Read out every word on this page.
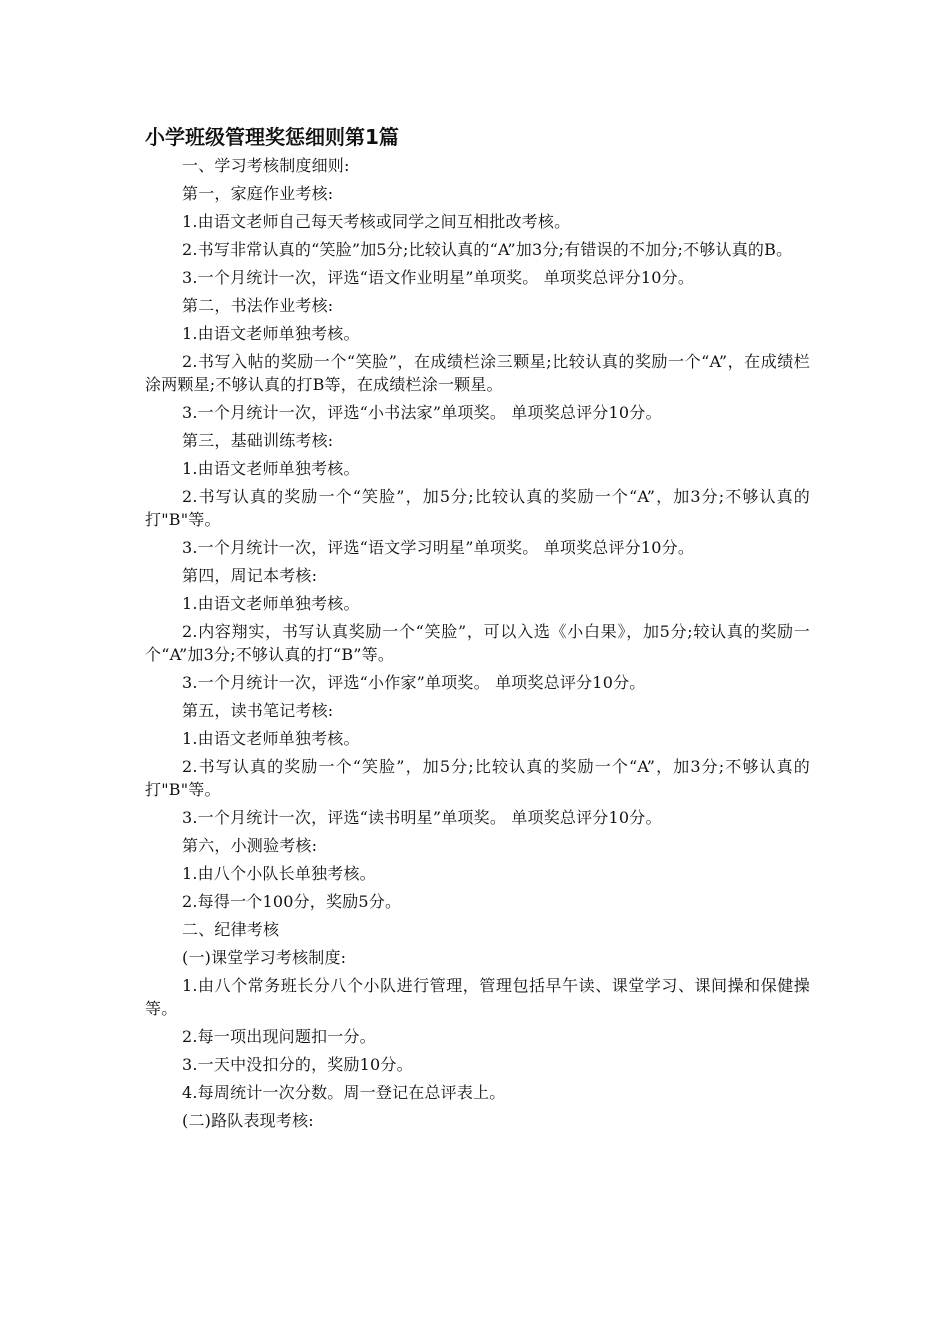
小学班级管理奖惩细则第1篇

一、学习考核制度细则:

第一，家庭作业考核:

1.由语文老师自己每天考核或同学之间互相批改考核。

2.书写非常认真的“笑脸”加5分;比较认真的“A”加3分;有错误的不加分;不够认真的B。

3.一个月统计一次，评选“语文作业明星”单项奖。 单项奖总评分10分。

第二，书法作业考核:

1.由语文老师单独考核。

2.书写入帖的奖励一个“笑脸”，在成绩栏涂三颗星;比较认真的奖励一个“A”，在成绩栏涂两颗星;不够认真的打B等，在成绩栏涂一颗星。

3.一个月统计一次，评选“小书法家”单项奖。 单项奖总评分10分。

第三，基础训练考核:

1.由语文老师单独考核。

2.书写认真的奖励一个“笑脸”，加5分;比较认真的奖励一个“A”，加3分;不够认真的打"B"等。

3.一个月统计一次，评选“语文学习明星”单项奖。 单项奖总评分10分。

第四，周记本考核:

1.由语文老师单独考核。

2.内容翔实，书写认真奖励一个“笑脸”，可以入选《小白果》，加5分;较认真的奖励一个“A”加3分;不够认真的打“B”等。

3.一个月统计一次，评选“小作家”单项奖。 单项奖总评分10分。

第五，读书笔记考核:

1.由语文老师单独考核。

2.书写认真的奖励一个“笑脸”，加5分;比较认真的奖励一个“A”，加3分;不够认真的打"B"等。

3.一个月统计一次，评选“读书明星”单项奖。 单项奖总评分10分。

第六，小测验考核:

1.由八个小队长单独考核。

2.每得一个100分，奖励5分。

二、纪律考核

(一)课堂学习考核制度:

1.由八个常务班长分八个小队进行管理，管理包括早午读、课堂学习、课间操和保健操等。

2.每一项出现问题扣一分。

3.一天中没扣分的，奖励10分。

4.每周统计一次分数。周一登记在总评表上。

(二)路队表现考核:
